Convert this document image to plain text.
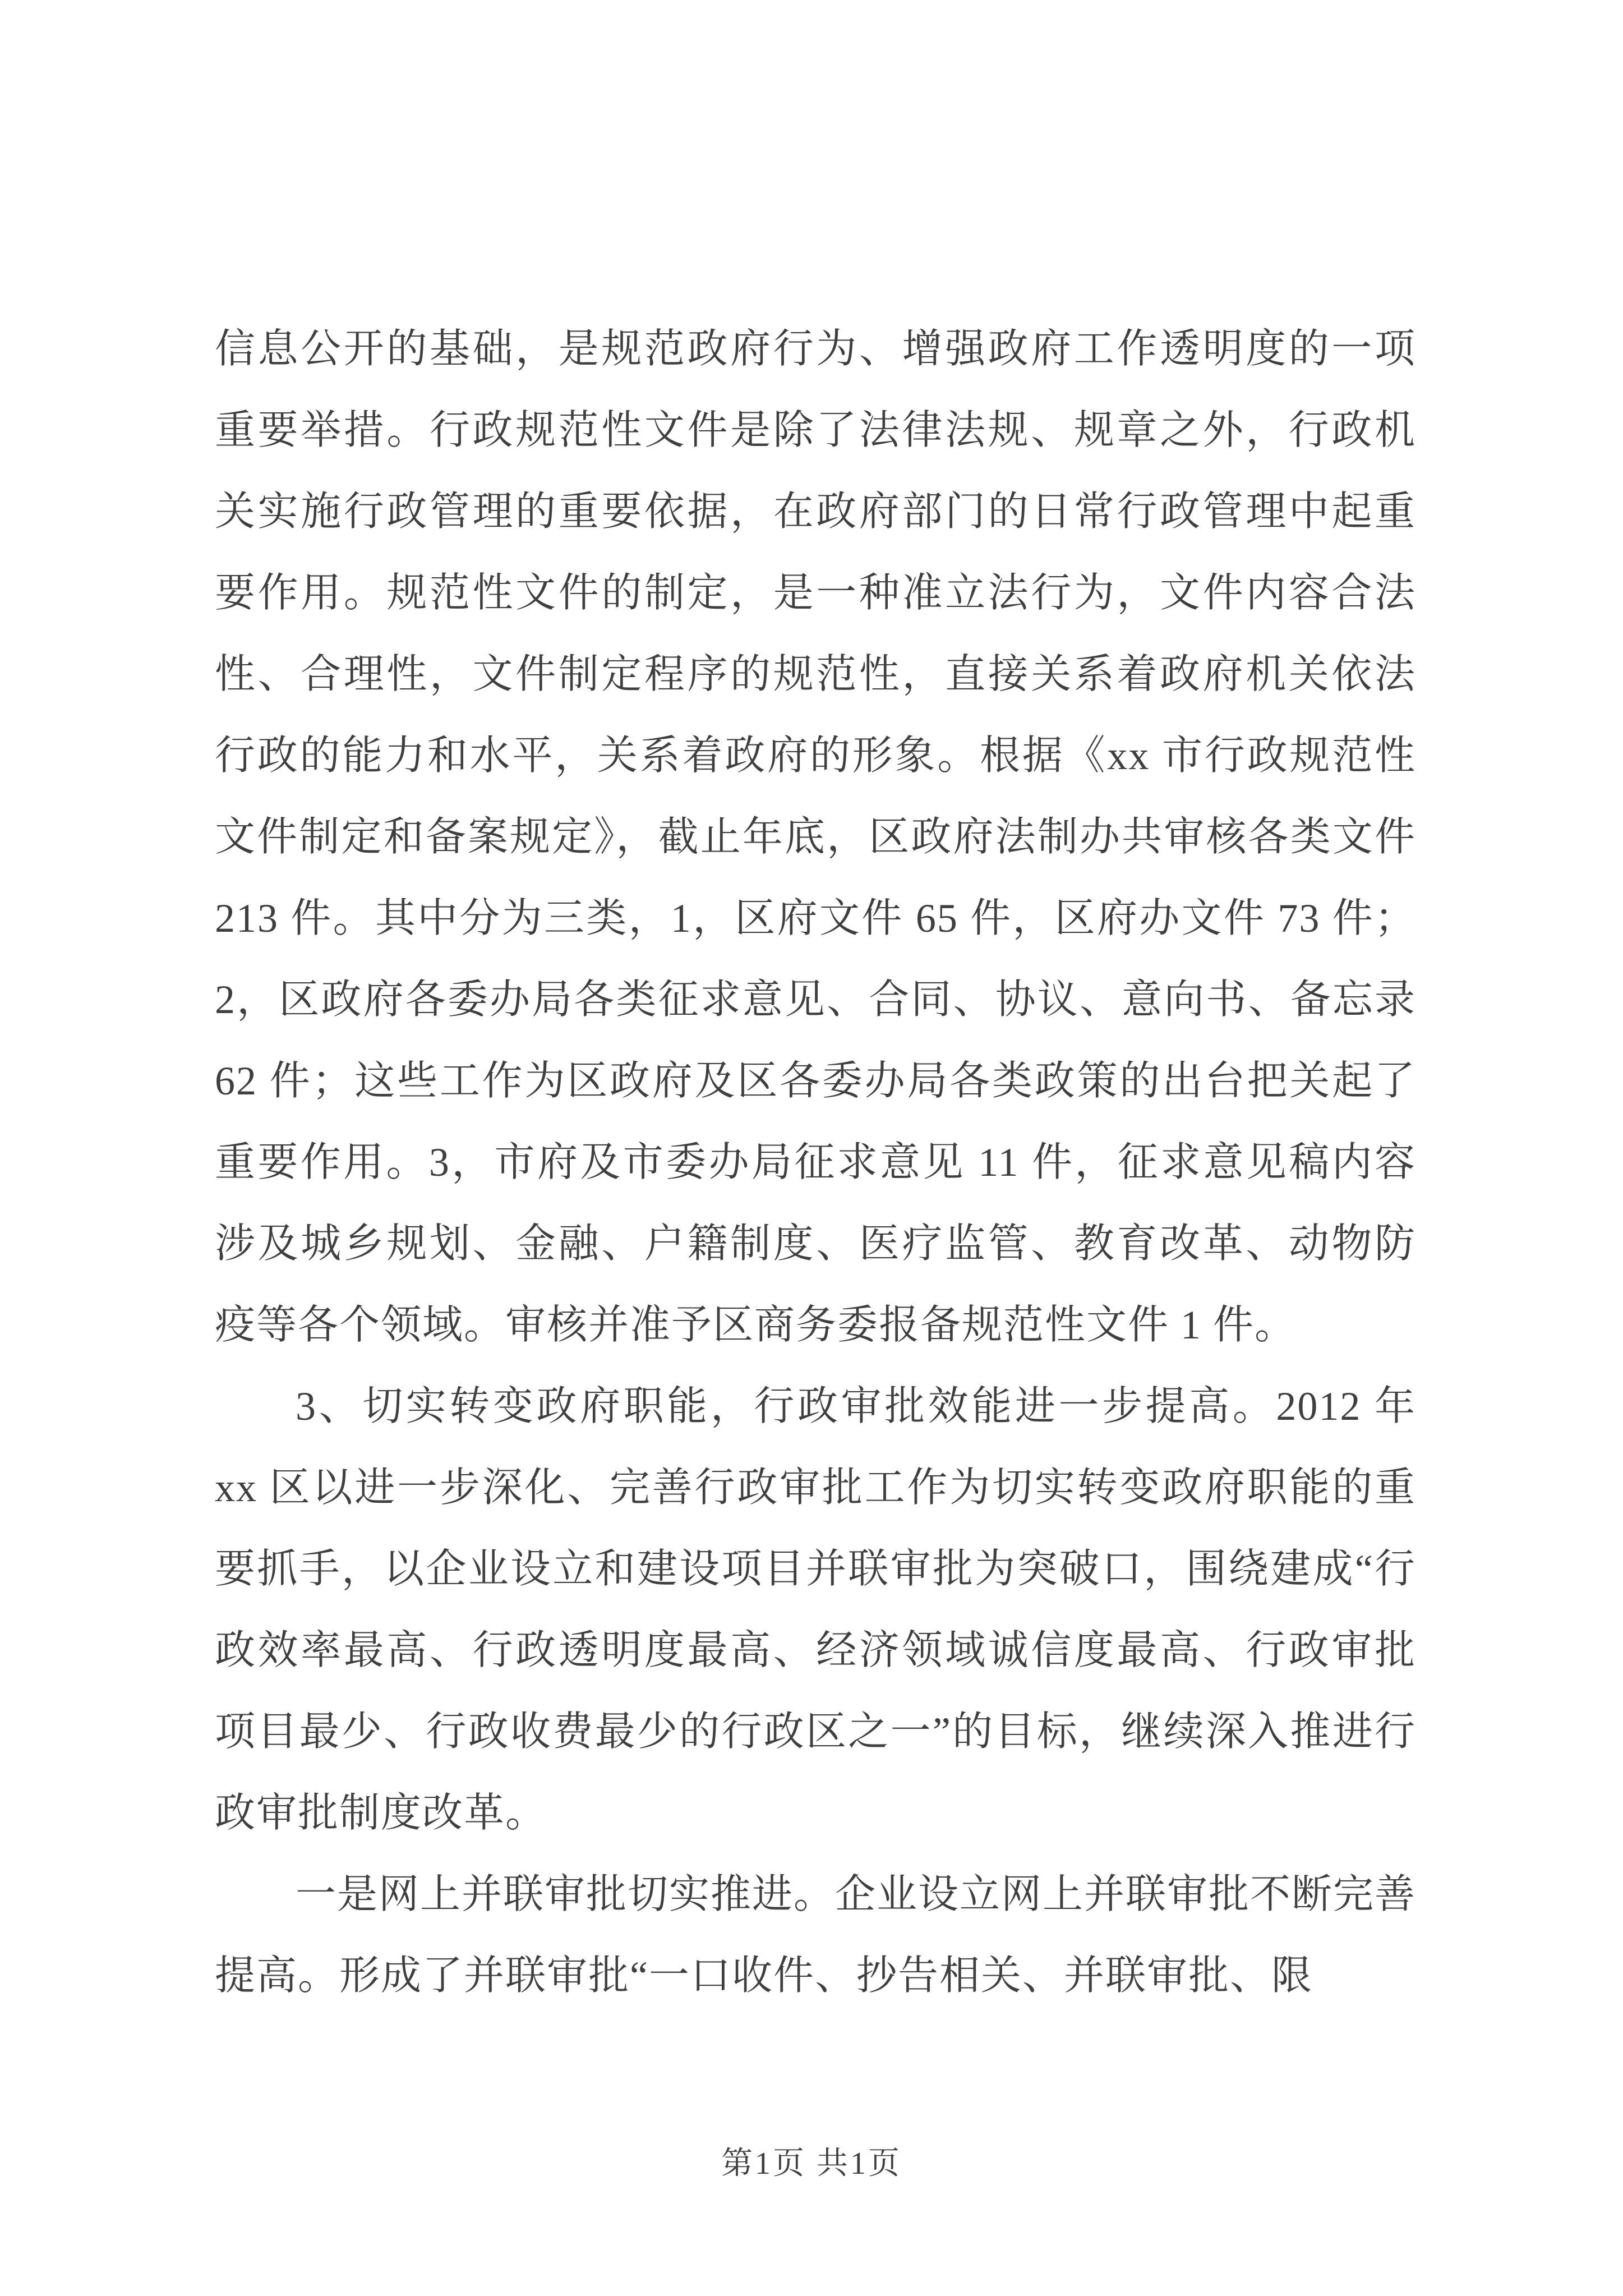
信息公开的基础，是规范政府行为、增强政府工作透明度的一项重要举措。行政规范性文件是除了法律法规、规章之外，行政机关实施行政管理的重要依据，在政府部门的日常行政管理中起重要作用。规范性文件的制定，是一种准立法行为，文件内容合法性、合理性，文件制定程序的规范性，直接关系着政府机关依法行政的能力和水平，关系着政府的形象。根据《xx 市行政规范性文件制定和备案规定》，截止年底，区政府法制办共审核各类文件 213 件。其中分为三类，1，区府文件 65 件，区府办文件 73 件；2，区政府各委办局各类征求意见、合同、协议、意向书、备忘录 62 件；这些工作为区政府及区各委办局各类政策的出台把关起了重要作用。3，市府及市委办局征求意见 11 件，征求意见稿内容涉及城乡规划、金融、户籍制度、医疗监管、教育改革、动物防疫等各个领域。审核并准予区商务委报备规范性文件 1 件。

3、切实转变政府职能，行政审批效能进一步提高。2012 年 xx 区以进一步深化、完善行政审批工作为切实转变政府职能的重要抓手，以企业设立和建设项目并联审批为突破口，围绕建成“行政效率最高、行政透明度最高、经济领域诚信度最高、行政审批项目最少、行政收费最少的行政区之一”的目标，继续深入推进行政审批制度改革。

一是网上并联审批切实推进。企业设立网上并联审批不断完善提高。形成了并联审批“一口收件、抄告相关、并联审批、限

第1页 共1页
